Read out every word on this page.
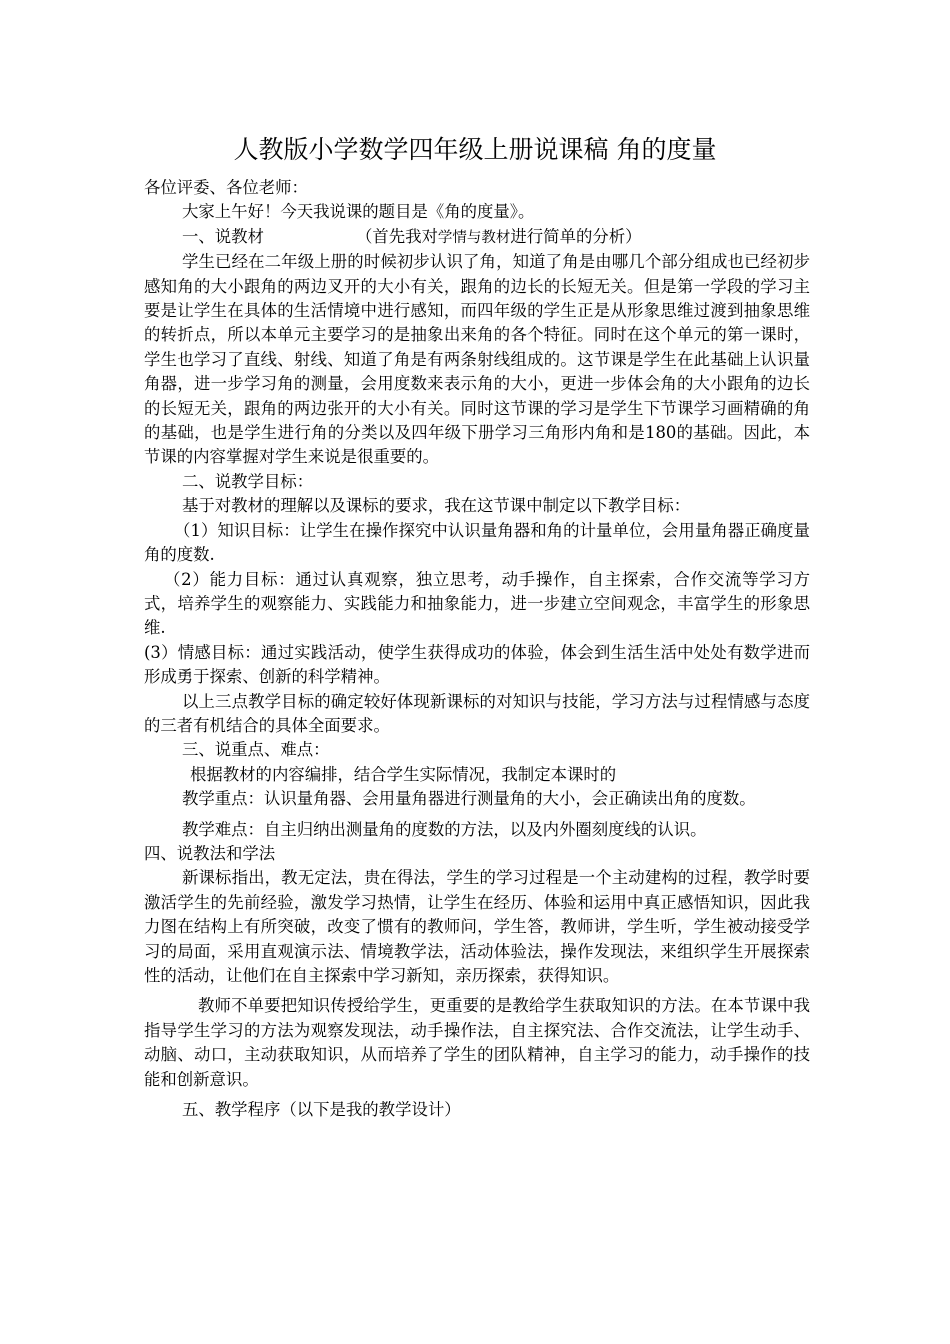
人教版小学数学四年级上册说课稿 角的度量

各位评委、各位老师：

大家上午好！今天我说课的题目是《角的度量》。

一、说教材	（首先我对学情与教材进行简单的分析）

学生已经在二年级上册的时候初步认识了角，知道了角是由哪几个部分组成也已经初步感知角的大小跟角的两边叉开的大小有关，跟角的边长的长短无关。但是第一学段的学习主要是让学生在具体的生活情境中进行感知，而四年级的学生正是从形象思维过渡到抽象思维的转折点，所以本单元主要学习的是抽象出来角的各个特征。同时在这个单元的第一课时，学生也学习了直线、射线、知道了角是有两条射线组成的。这节课是学生在此基础上认识量角器，进一步学习角的测量，会用度数来表示角的大小，更进一步体会角的大小跟角的边长的长短无关，跟角的两边张开的大小有关。同时这节课的学习是学生下节课学习画精确的角的基础，也是学生进行角的分类以及四年级下册学习三角形内角和是180的基础。因此，本节课的内容掌握对学生来说是很重要的。

二、说教学目标：

基于对教材的理解以及课标的要求，我在这节课中制定以下教学目标：

（1）知识目标：让学生在操作探究中认识量角器和角的计量单位，会用量角器正确度量角的度数.

（2）能力目标：通过认真观察，独立思考，动手操作，自主探索，合作交流等学习方式，培养学生的观察能力、实践能力和抽象能力，进一步建立空间观念，丰富学生的形象思维.

(3）情感目标：通过实践活动，使学生获得成功的体验，体会到生活生活中处处有数学进而形成勇于探索、创新的科学精神。

以上三点教学目标的确定较好体现新课标的对知识与技能，学习方法与过程情感与态度的三者有机结合的具体全面要求。

三、说重点、难点：

根据教材的内容编排，结合学生实际情况，我制定本课时的

教学重点：认识量角器、会用量角器进行测量角的大小，会正确读出角的度数。

教学难点：自主归纳出测量角的度数的方法，以及内外圈刻度线的认识。

四、说教法和学法

新课标指出，教无定法，贵在得法，学生的学习过程是一个主动建构的过程，教学时要激活学生的先前经验，激发学习热情，让学生在经历、体验和运用中真正感悟知识，因此我力图在结构上有所突破，改变了惯有的教师问，学生答，教师讲，学生听，学生被动接受学习的局面，采用直观演示法、情境教学法，活动体验法，操作发现法，来组织学生开展探索性的活动，让他们在自主探索中学习新知，亲历探索，获得知识。

教师不单要把知识传授给学生，更重要的是教给学生获取知识的方法。在本节课中我指导学生学习的方法为观察发现法，动手操作法，自主探究法、合作交流法，让学生动手、动脑、动口，主动获取知识，从而培养了学生的团队精神，自主学习的能力，动手操作的技能和创新意识。

五、教学程序（以下是我的教学设计）
